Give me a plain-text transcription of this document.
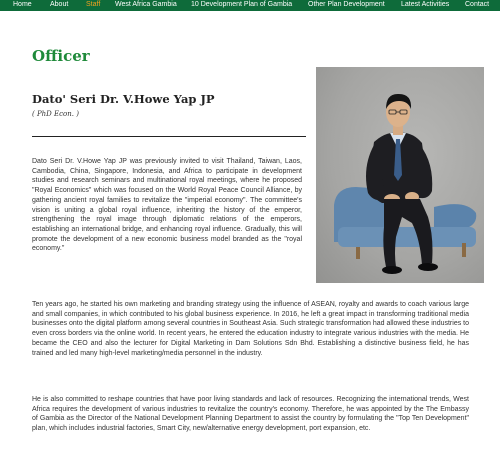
Home	About	Staff West Africa Gambia 10 Development Plan of Gambia Other Plan Development Latest Activities Contact
Officer
Dato' Seri Dr. V.Howe Yap JP
( PhD Econ. )

Dato Seri Dr. V.Howe Yap JP was previously invited to visit Thailand, Taiwan, Laos, Cambodia, China, Singapore, Indonesia, and Africa to participate in development studies and research seminars and multinational royal meetings, where he proposed "Royal Economics" which was focused on the World Royal Peace Council Alliance, by gathering ancient royal families to revitalize the "imperial economy". The committee's vision is uniting a global royal influence, inheriting the history of the emperor, strengthening the royal image through diplomatic relations of the emperors, establishing an international bridge, and enhancing royal influence. Gradually, this will promote the development of a new economic business model branded as the "royal economy."

Ten years ago, he started his own marketing and branding strategy using the influence of ASEAN, royalty and awards to coach various large and small companies, in which contributed to his global business experience. In 2016, he left a great impact in transforming traditional media businesses onto the digital platform among several countries in Southeast Asia. Such strategic transformation had allowed these industries to even cross borders via the online world. In recent years, he entered the education industry to integrate various industries with the media. He became the CEO and also the lecturer for Digital Marketing in Dam Solutions Sdn Bhd. Establishing a distinctive business field, he has trained and led many high-level marketing/media personnel in the industry.

He is also committed to reshape countries that have poor living standards and lack of resources. Recognizing the international trends, West Africa requires the development of various industries to revitalize the country's economy. Therefore, he was appointed by the The Embassy of Gambia as the Director of the National Development Planning Department to assist the country by formulating the "Top Ten Development" plan, which includes industrial factories, Smart City, new/alternative energy development, port expansion, etc.
